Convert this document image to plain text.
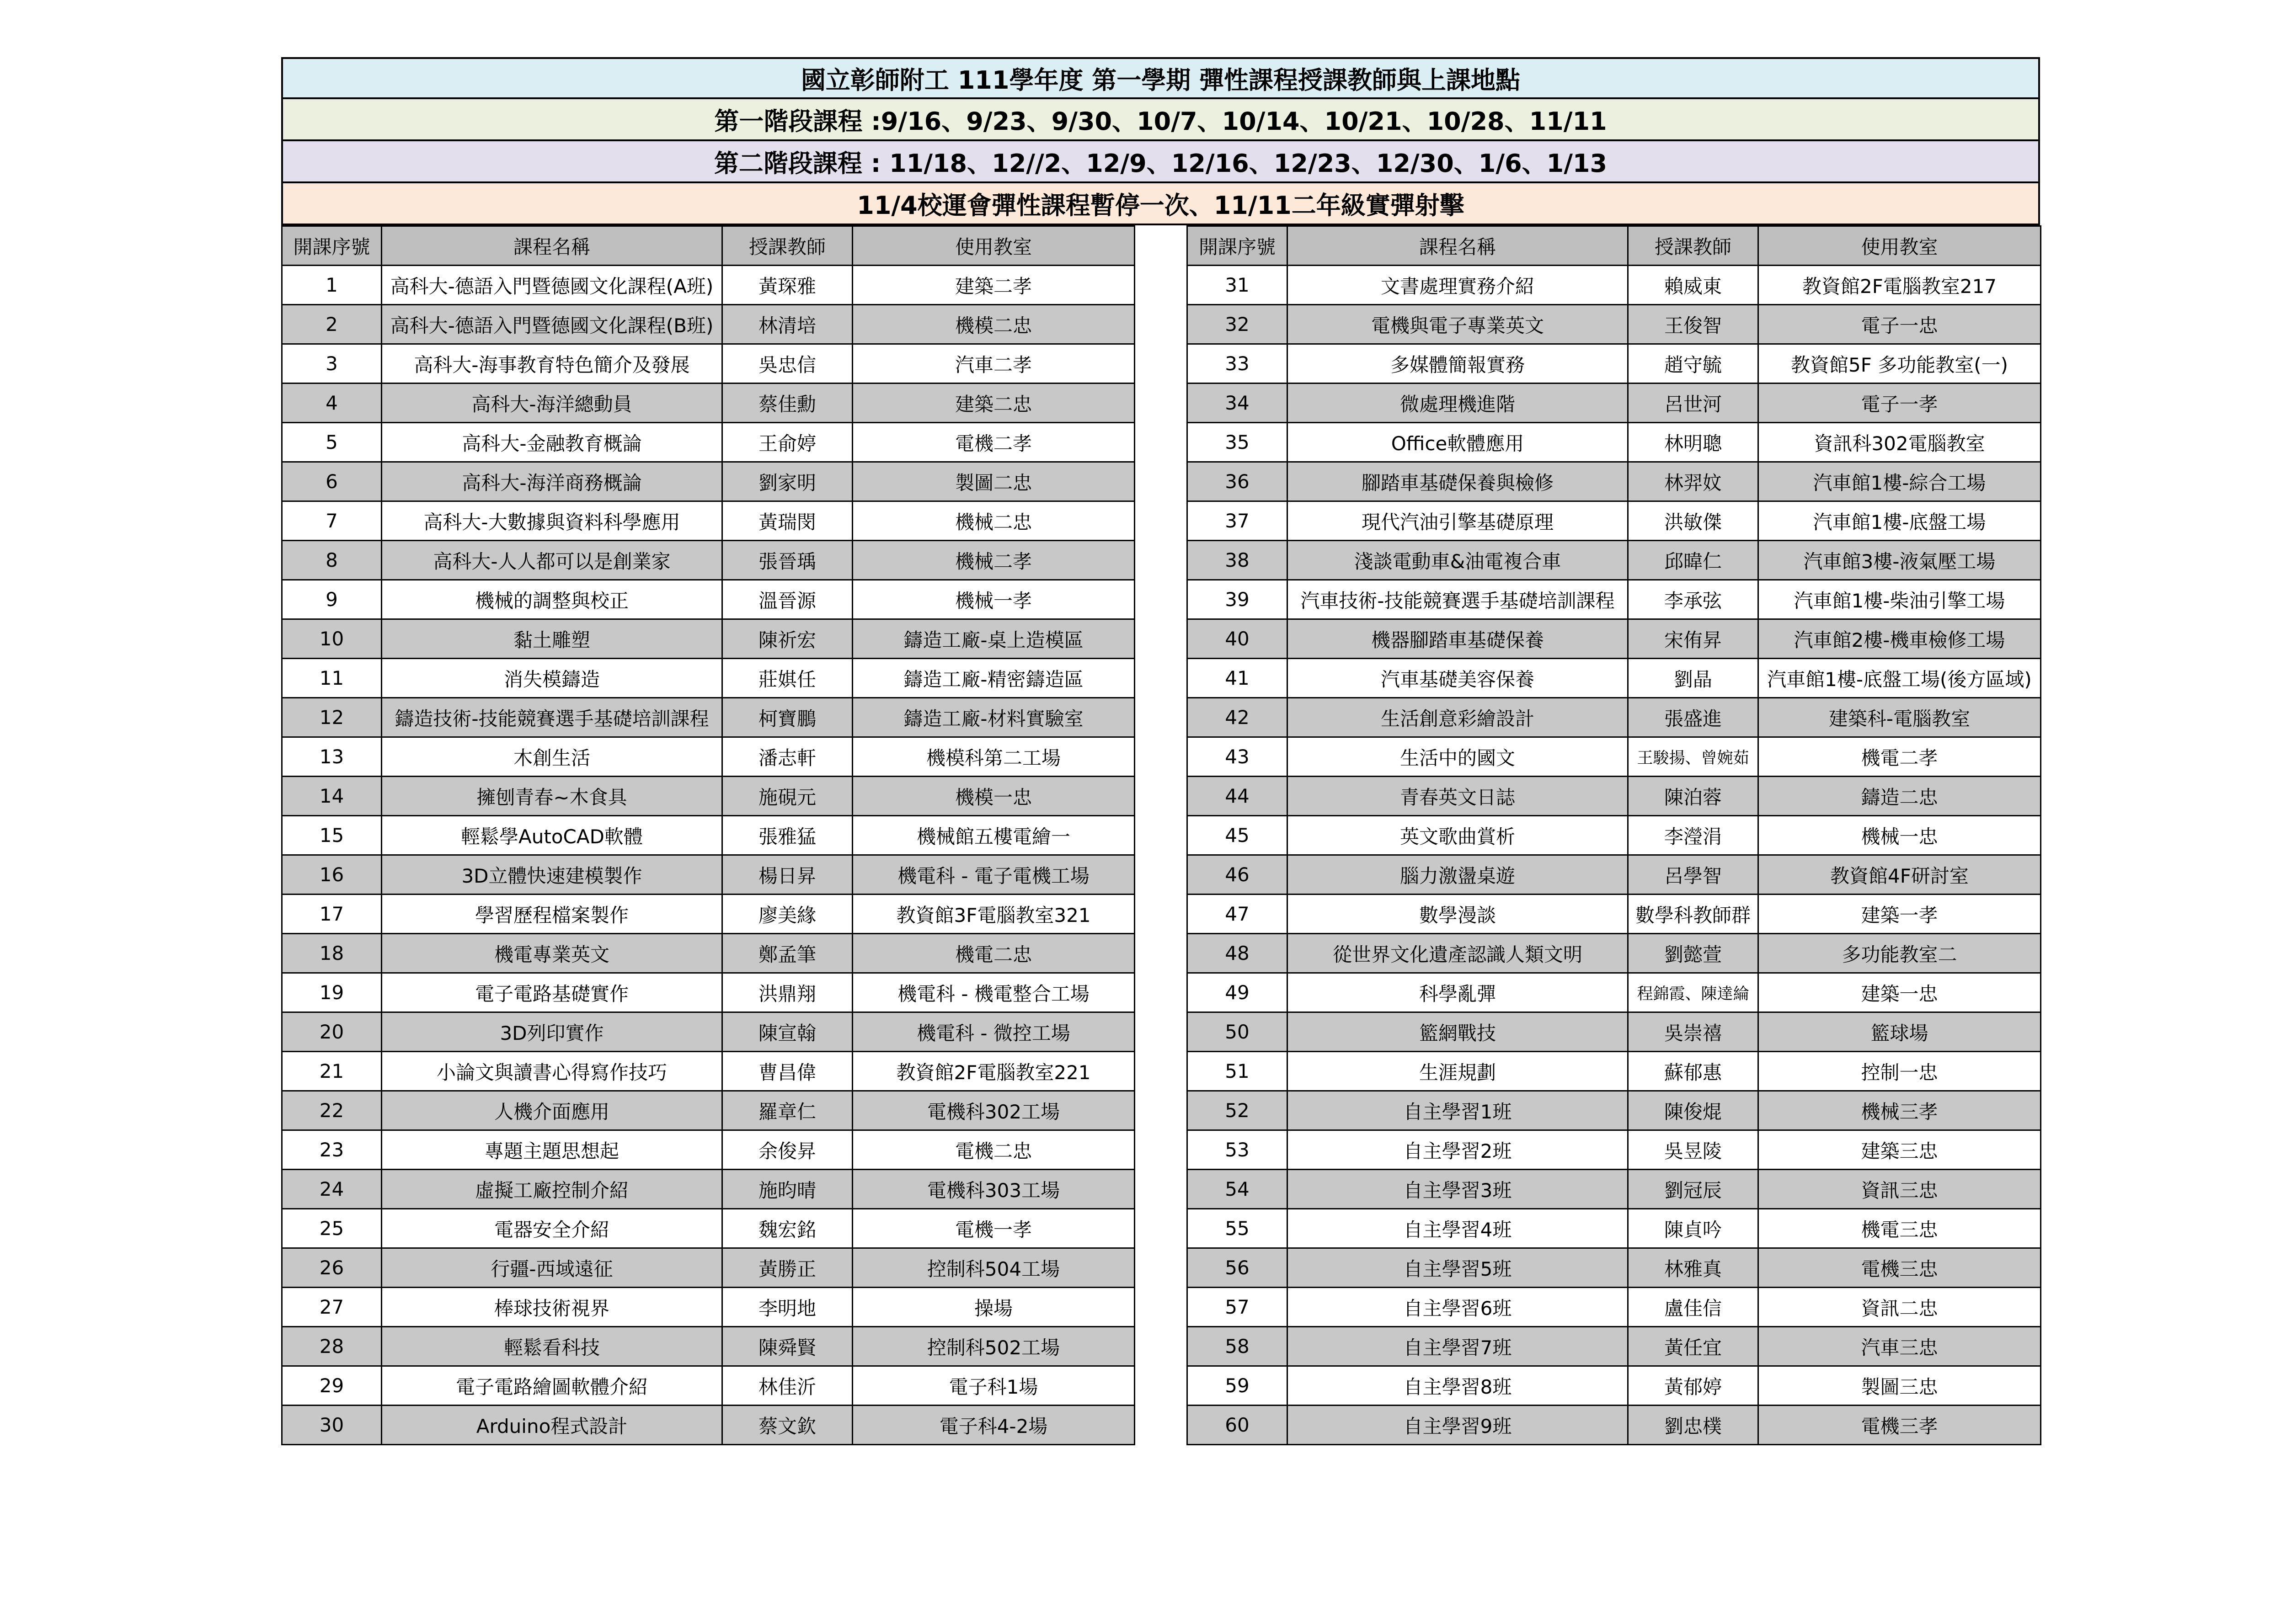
國立彰師附工 111學年度 第一學期 彈性課程授課教師與上課地點
第一階段課程 :9/16、9/23、9/30、10/7、10/14、10/21、10/28、11/11
第二階段課程 : 11/18、12//2、12/9、12/16、12/23、12/30、1/6、1/13
11/4校運會彈性課程暫停一次、11/11二年級實彈射擊
開課序號	課程名稱	授課教師	使用教室
1	高科大-德語入門暨德國文化課程(A班)	黃琛雅	建築二孝
2	高科大-德語入門暨德國文化課程(B班)	林清培	機模二忠
3	高科大-海事教育特色簡介及發展	吳忠信	汽車二孝
4	高科大-海洋總動員	蔡佳勳	建築二忠
5	高科大-金融教育概論	王俞婷	電機二孝
6	高科大-海洋商務概論	劉家明	製圖二忠
7	高科大-大數據與資料科學應用	黃瑞閔	機械二忠
8	高科大-人人都可以是創業家	張晉瑀	機械二孝
9	機械的調整與校正	溫晉源	機械一孝
10	黏土雕塑	陳祈宏	鑄造工廠-桌上造模區
11	消失模鑄造	莊娸任	鑄造工廠-精密鑄造區
12	鑄造技術-技能競賽選手基礎培訓課程	柯寶鵬	鑄造工廠-材料實驗室
13	木創生活	潘志軒	機模科第二工場
14	擁刨青春~木食具	施硯元	機模一忠
15	輕鬆學AutoCAD軟體	張雅猛	機械館五樓電繪一
16	3D立體快速建模製作	楊日昇	機電科 - 電子電機工場
17	學習歷程檔案製作	廖美緣	教資館3F電腦教室321
18	機電專業英文	鄭孟筆	機電二忠
19	電子電路基礎實作	洪鼎翔	機電科 - 機電整合工場
20	3D列印實作	陳宣翰	機電科 - 微控工場
21	小論文與讀書心得寫作技巧	曹昌偉	教資館2F電腦教室221
22	人機介面應用	羅章仁	電機科302工場
23	專題主題思想起	余俊昇	電機二忠
24	虛擬工廠控制介紹	施昀晴	電機科303工場
25	電器安全介紹	魏宏銘	電機一孝
26	行疆-西域遠征	黃勝正	控制科504工場
27	棒球技術視界	李明地	操場
28	輕鬆看科技	陳舜賢	控制科502工場
29	電子電路繪圖軟體介紹	林佳沂	電子科1場
30	Arduino程式設計	蔡文欽	電子科4-2場
開課序號	課程名稱	授課教師	使用教室
31	文書處理實務介紹	賴威東	教資館2F電腦教室217
32	電機與電子專業英文	王俊智	電子一忠
33	多媒體簡報實務	趙守毓	教資館5F 多功能教室(一)
34	微處理機進階	呂世河	電子一孝
35	Office軟體應用	林明聰	資訊科302電腦教室
36	腳踏車基礎保養與檢修	林羿妏	汽車館1樓-綜合工場
37	現代汽油引擎基礎原理	洪敏傑	汽車館1樓-底盤工場
38	淺談電動車&油電複合車	邱暐仁	汽車館3樓-液氣壓工場
39	汽車技術-技能競賽選手基礎培訓課程	李承弦	汽車館1樓-柴油引擎工場
40	機器腳踏車基礎保養	宋侑昇	汽車館2樓-機車檢修工場
41	汽車基礎美容保養	劉晶	汽車館1樓-底盤工場(後方區域)
42	生活創意彩繪設計	張盛進	建築科-電腦教室
43	生活中的國文	王駿揚、曾婉茹	機電二孝
44	青春英文日誌	陳泊蓉	鑄造二忠
45	英文歌曲賞析	李瀅涓	機械一忠
46	腦力激盪桌遊	呂學智	教資館4F研討室
47	數學漫談	數學科教師群	建築一孝
48	從世界文化遺產認識人類文明	劉懿萱	多功能教室二
49	科學亂彈	程錦霞、陳達綸	建築一忠
50	籃網戰技	吳崇禧	籃球場
51	生涯規劃	蘇郁惠	控制一忠
52	自主學習1班	陳俊焜	機械三孝
53	自主學習2班	吳昱陵	建築三忠
54	自主學習3班	劉冠辰	資訊三忠
55	自主學習4班	陳貞吟	機電三忠
56	自主學習5班	林雅真	電機三忠
57	自主學習6班	盧佳信	資訊二忠
58	自主學習7班	黃任宜	汽車三忠
59	自主學習8班	黃郁婷	製圖三忠
60	自主學習9班	劉忠樸	電機三孝
